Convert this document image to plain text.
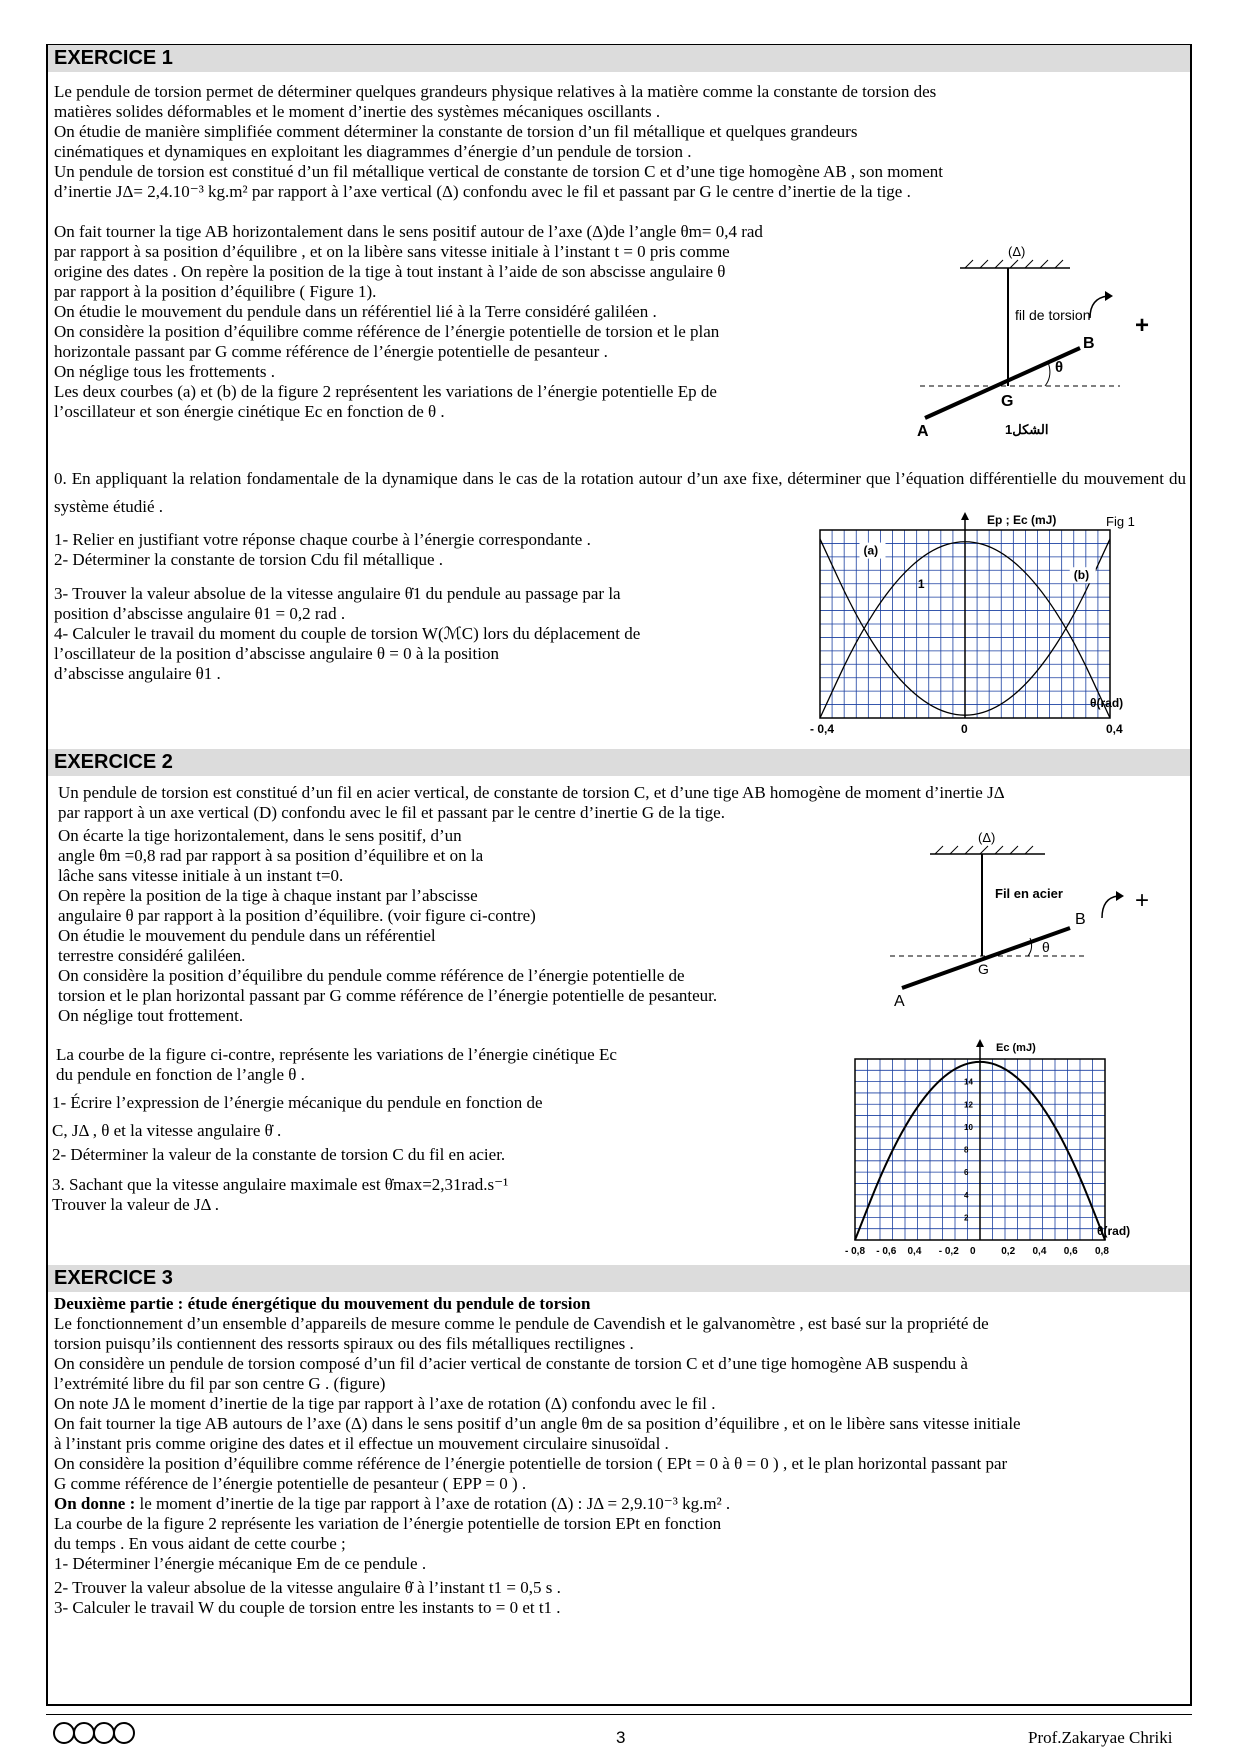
EXERCICE 1
Le pendule de torsion permet de déterminer quelques grandeurs physique relatives à la matière comme la constante de torsion des
matières solides déformables et le moment d’inertie des systèmes mécaniques oscillants .
On étudie de manière simplifiée comment déterminer la constante de torsion d’un fil métallique et quelques grandeurs
cinématiques et dynamiques en exploitant les diagrammes d’énergie d’un pendule de torsion .
Un pendule de torsion est constitué d’un fil métallique vertical de constante de torsion C et d’une tige homogène AB , son moment
d’inertie JΔ= 2,4.10⁻³ kg.m² par rapport à l’axe vertical (Δ) confondu avec le fil et passant par G le centre d’inertie de la tige .
On fait tourner la tige AB horizontalement dans le sens positif autour de l’axe (Δ)de l’angle θm= 0,4 rad
par rapport à sa position d’équilibre , et on la libère sans vitesse initiale à l’instant t = 0 pris comme
origine des dates . On repère la position de la tige à tout instant à l’aide de son abscisse angulaire θ
par rapport à la position d’équilibre ( Figure 1).
On étudie le mouvement du pendule dans un référentiel lié à la Terre considéré galiléen .
On considère la position d’équilibre comme référence de l’énergie potentielle de torsion et le plan
horizontale passant par G comme référence de l’énergie potentielle de pesanteur .
On néglige tous les frottements .
Les deux courbes (a) et (b) de la figure 2 représentent les variations de l’énergie potentielle Ep de
l’oscillateur et son énergie cinétique Ec en fonction de θ .
(Δ)
fil de torsion
θ
B
A
G
+
الشكل1
0. En appliquant la relation fondamentale de la dynamique dans le cas de la rotation autour d’un axe fixe, déterminer que l’équation différentielle du mouvement du système étudié .
1- Relier en justifiant votre réponse chaque courbe à l’énergie correspondante .
2- Déterminer la constante de torsion Cdu fil métallique .
3- Trouver la valeur absolue de la vitesse angulaire θ̇1 du pendule au passage par la
position d’abscisse angulaire θ1 = 0,2 rad .
4- Calculer le travail du moment du couple de torsion W(ℳC) lors du déplacement de
l’oscillateur de la position d’abscisse angulaire θ = 0 à la position
d’abscisse angulaire θ1 .
Ep ; Ec (mJ)	Fig 1
θ(rad)
- 0,4	0	0,4
1
(a)
(b)
EXERCICE 2
Un pendule de torsion est constitué d’un fil en acier vertical, de constante de torsion C, et d’une tige AB homogène de moment d’inertie JΔ
par rapport à un axe vertical (D) confondu avec le fil et passant par le centre d’inertie G de la tige.
On écarte la tige horizontalement, dans le sens positif, d’un
angle θm =0,8 rad par rapport à sa position d’équilibre et on la
lâche sans vitesse initiale à un instant t=0.
On repère la position de la tige à chaque instant par l’abscisse
angulaire θ par rapport à la position d’équilibre. (voir figure ci-contre)
On étudie le mouvement du pendule dans un référentiel
terrestre considéré galiléen.
On considère la position d’équilibre du pendule comme référence de l’énergie potentielle de
torsion et le plan horizontal passant par G comme référence de l’énergie potentielle de pesanteur.
On néglige tout frottement.
(Δ)
Fil en acier
θ
B
A
G
+
La courbe de la figure ci-contre, représente les variations de l’énergie cinétique Ec
du pendule en fonction de l’angle θ .
1- Écrire l’expression de l’énergie mécanique du pendule en fonction de
C, JΔ , θ et la vitesse angulaire θ̇ .
2- Déterminer la valeur de la constante de torsion C du fil en acier.
3. Sachant que la vitesse angulaire maximale est θ̇max=2,31rad.s⁻¹
Trouver la valeur de JΔ .
Ec (mJ)
θ(rad)
- 0,8 - 0,6 0,4 - 0,2 0	0,2 0,4 0,6 0,8
2
4
6
8
10
12
14
EXERCICE 3
Deuxième partie : étude énergétique du mouvement du pendule de torsion
Le fonctionnement d’un ensemble d’appareils de mesure comme le pendule de Cavendish et le galvanomètre , est basé sur la propriété de
torsion puisqu’ils contiennent des ressorts spiraux ou des fils métalliques rectilignes .
On considère un pendule de torsion composé d’un fil d’acier vertical de constante de torsion C et d’une tige homogène AB suspendu à
l’extrémité libre du fil par son centre G . (figure)
On note JΔ le moment d’inertie de la tige par rapport à l’axe de rotation (Δ) confondu avec le fil .
On fait tourner la tige AB autours de l’axe (Δ) dans le sens positif d’un angle θm de sa position d’équilibre , et on le libère sans vitesse initiale
à l’instant pris comme origine des dates et il effectue un mouvement circulaire sinusoïdal .
On considère la position d’équilibre comme référence de l’énergie potentielle de torsion ( EPt = 0 à θ = 0 ) , et le plan horizontal passant par
G comme référence de l’énergie potentielle de pesanteur ( EPP = 0 ) .
On donne : le moment d’inertie de la tige par rapport à l’axe de rotation (Δ) : JΔ = 2,9.10⁻³ kg.m² .
La courbe de la figure 2 représente les variation de l’énergie potentielle de torsion EPt en fonction
du temps . En vous aidant de cette courbe ;
1- Déterminer l’énergie mécanique Em de ce pendule .
2- Trouver la valeur absolue de la vitesse angulaire θ̇ à l’instant t1 = 0,5 s .
3- Calculer le travail W du couple de torsion entre les instants to = 0 et t1 .
3	Prof.Zakaryae Chriki
